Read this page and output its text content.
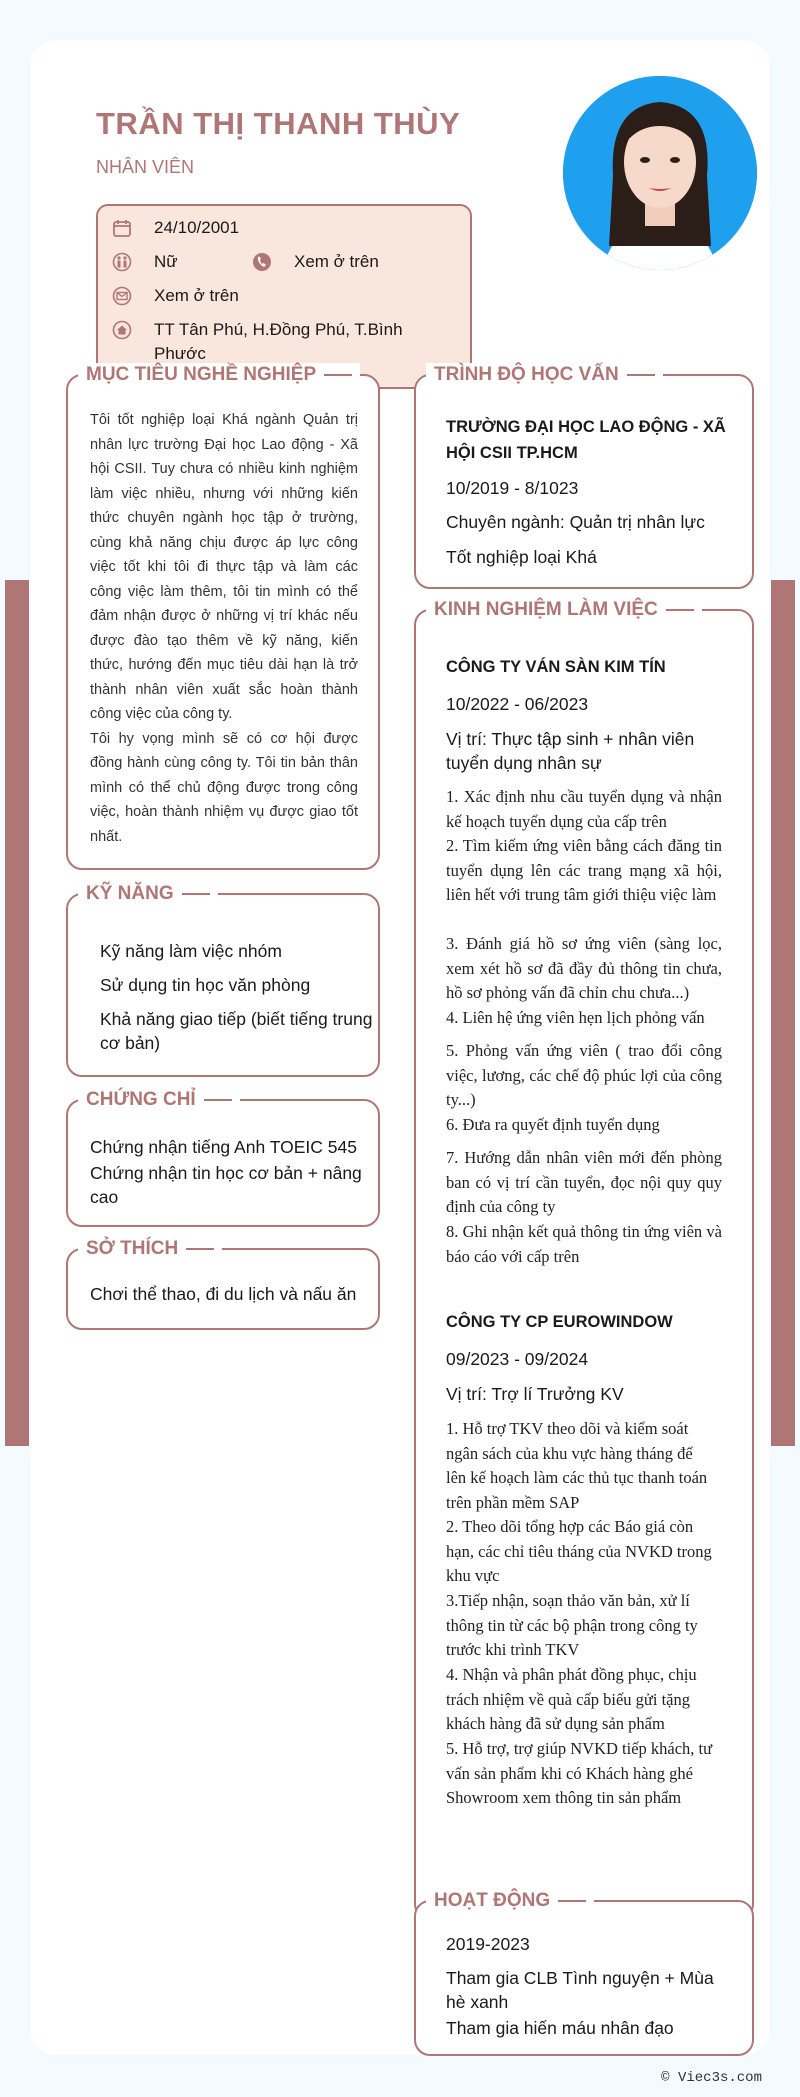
TRẦN THỊ THANH THÙY
NHÂN VIÊN
24/10/2001
Nữ	Xem ở trên
Xem ở trên
TT Tân Phú, H.Đồng Phú, T.Bình Phước
MỤC TIÊU NGHỀ NGHIỆP

Tôi tốt nghiệp loại Khá ngành Quản trị nhân lực trường Đại học Lao động - Xã hội CSII. Tuy chưa có nhiều kinh nghiệm làm việc nhiều, nhưng với những kiến thức chuyên ngành học tập ở trường, cùng khả năng chịu được áp lực công việc tốt khi tôi đi thực tập và làm các công việc làm thêm, tôi tin mình có thể đảm nhận được ở những vị trí khác nếu được đào tạo thêm về kỹ năng, kiến thức, hướng đến mục tiêu dài hạn là trở thành nhân viên xuất sắc hoàn thành công việc của công ty.

Tôi hy vọng mình sẽ có cơ hội được đồng hành cùng công ty. Tôi tin bản thân mình có thể chủ động được trong công việc, hoàn thành nhiệm vụ được giao tốt nhất.

KỸ NĂNG
Kỹ năng làm việc nhóm
Sử dụng tin học văn phòng
Khả năng giao tiếp (biết tiếng trung cơ bản)
CHỨNG CHỈ
Chứng nhận tiếng Anh TOEIC 545
Chứng nhận tin học cơ bản + nâng cao
SỞ THÍCH
Chơi thể thao, đi du lịch và nấu ăn
TRÌNH ĐỘ HỌC VẤN
TRƯỜNG ĐẠI HỌC LAO ĐỘNG - XÃ HỘI CSII TP.HCM
10/2019 - 8/1023
Chuyên ngành: Quản trị nhân lực
Tốt nghiệp loại Khá
KINH NGHIỆM LÀM VIỆC
CÔNG TY VÁN SÀN KIM TÍN
10/2022 - 06/2023
Vị trí: Thực tập sinh + nhân viên tuyển dụng nhân sự
1. Xác định nhu cầu tuyển dụng và nhận kế hoạch tuyển dụng của cấp trên
2. Tìm kiếm ứng viên bằng cách đăng tin tuyển dụng lên các trang mạng xã hội, liên hết với trung tâm giới thiệu việc làm
3. Đánh giá hồ sơ ứng viên (sàng lọc, xem xét hồ sơ đã đầy đủ thông tin chưa, hồ sơ phỏng vấn đã chỉn chu chưa...)
4. Liên hệ ứng viên hẹn lịch phỏng vấn
5. Phỏng vấn ứng viên ( trao đổi công việc, lương, các chế độ phúc lợi của công ty...)
6. Đưa ra quyết định tuyển dụng
7. Hướng dẫn nhân viên mới đến phòng ban có vị trí cần tuyển, đọc nội quy quy định của công ty
8. Ghi nhận kết quả thông tin ứng viên và báo cáo với cấp trên
CÔNG TY CP EUROWINDOW
09/2023 - 09/2024
Vị trí: Trợ lí Trưởng KV
1. Hỗ trợ TKV theo dõi và kiểm soát ngân sách của khu vực hàng tháng để lên kế hoạch làm các thủ tục thanh toán trên phần mềm SAP
2. Theo dõi tổng hợp các Báo giá còn hạn, các chỉ tiêu tháng của NVKD trong khu vực
3.Tiếp nhận, soạn thảo văn bản, xử lí thông tin từ các bộ phận trong công ty trước khi trình TKV
4. Nhận và phân phát đồng phục, chịu trách nhiệm về quà cấp biếu gửi tặng khách hàng đã sử dụng sản phẩm
5. Hỗ trợ, trợ giúp NVKD tiếp khách, tư vấn sản phẩm khi có Khách hàng ghé Showroom xem thông tin sản phẩm
HOẠT ĐỘNG
2019-2023
Tham gia CLB Tình nguyện + Mùa hè xanh
Tham gia hiến máu nhân đạo
© Viec3s.com
